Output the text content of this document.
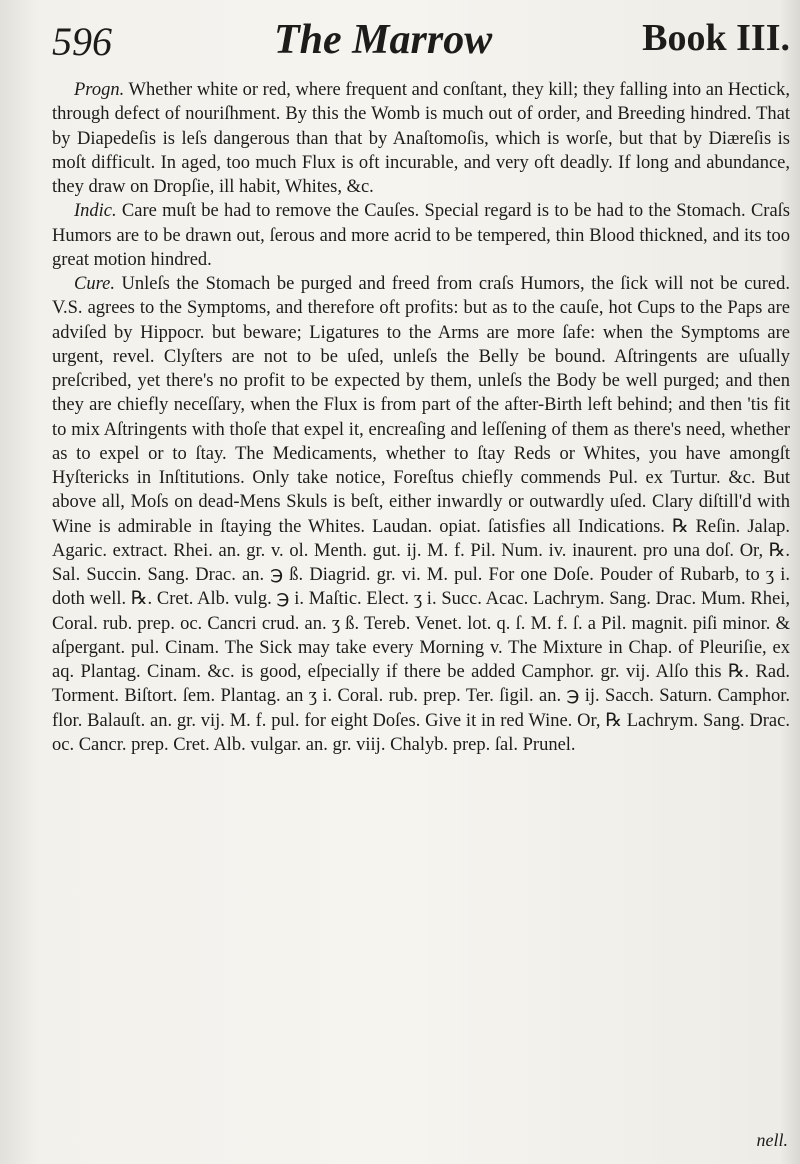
596	The Marrow	Book III.

Progn. Whether white or red, where frequent and conſtant, they kill; they falling into an Hectick, through defect of nouriſhment. By this the Womb is much out of order, and Breeding hindred. That by Diapedeſis is leſs dangerous than that by Anaſtomoſis, which is worſe, but that by Diæreſis is moſt difficult. In aged, too much Flux is oft incurable, and very oft deadly. If long and abundance, they draw on Dropſie, ill habit, Whites, &c.

Indic. Care muſt be had to remove the Cauſes. Special regard is to be had to the Stomach. Craſs Humors are to be drawn out, ſerous and more acrid to be tempered, thin Blood thickned, and its too great motion hindred.

Cure. Unleſs the Stomach be purged and freed from craſs Humors, the ſick will not be cured. V.S. agrees to the Symptoms, and therefore oft profits: but as to the cauſe, hot Cups to the Paps are adviſed by Hippocr. but beware; Ligatures to the Arms are more ſafe: when the Symptoms are urgent, revel. Clyſters are not to be uſed, unleſs the Belly be bound. Aſtringents are uſually preſcribed, yet there's no profit to be expected by them, unleſs the Body be well purged; and then they are chiefly neceſſary, when the Flux is from part of the after-Birth left behind; and then 'tis fit to mix Aſtringents with thoſe that expel it, encreaſing and leſſening of them as there's need, whether as to expel or to ſtay. The Medicaments, whether to ſtay Reds or Whites, you have amongſt Hyſtericks in Inſtitutions. Only take notice, Foreſtus chiefly commends Pul. ex Turtur. &c. But above all, Moſs on dead-Mens Skuls is beſt, either inwardly or outwardly uſed. Clary diſtill'd with Wine is admirable in ſtaying the Whites. Laudan. opiat. ſatisfies all Indications. ℞ Reſin. Jalap. Agaric. extract. Rhei. an. gr. v. ol. Menth. gut. ij. M. f. Pil. Num. iv. inaurent. pro una doſ. Or, ℞. Sal. Succin. Sang. Drac. an. ℈ ß. Diagrid. gr. vi. M. pul. For one Doſe. Pouder of Rubarb, to ʒ i. doth well. ℞. Cret. Alb. vulg. ℈ i. Maſtic. Elect. ʒ i. Succ. Acac. Lachrym. Sang. Drac. Mum. Rhei, Coral. rub. prep. oc. Cancri crud. an. ʒ ß. Tereb. Venet. lot. q. ſ. M. f. ſ. a Pil. magnit. piſi minor. & aſpergant. pul. Cinam. The Sick may take every Morning v. The Mixture in Chap. of Pleuriſie, ex aq. Plantag. Cinam. &c. is good, eſpecially if there be added Camphor. gr. vij. Alſo this ℞. Rad. Torment. Biſtort. ſem. Plantag. an ʒ i. Coral. rub. prep. Ter. ſigil. an. ℈ ij. Sacch. Saturn. Camphor. flor. Balauſt. an. gr. vij. M. f. pul. for eight Doſes. Give it in red Wine. Or, ℞ Lachrym. Sang. Drac. oc. Cancr. prep. Cret. Alb. vulgar. an. gr. viij. Chalyb. prep. ſal. Prunel.

nell.
